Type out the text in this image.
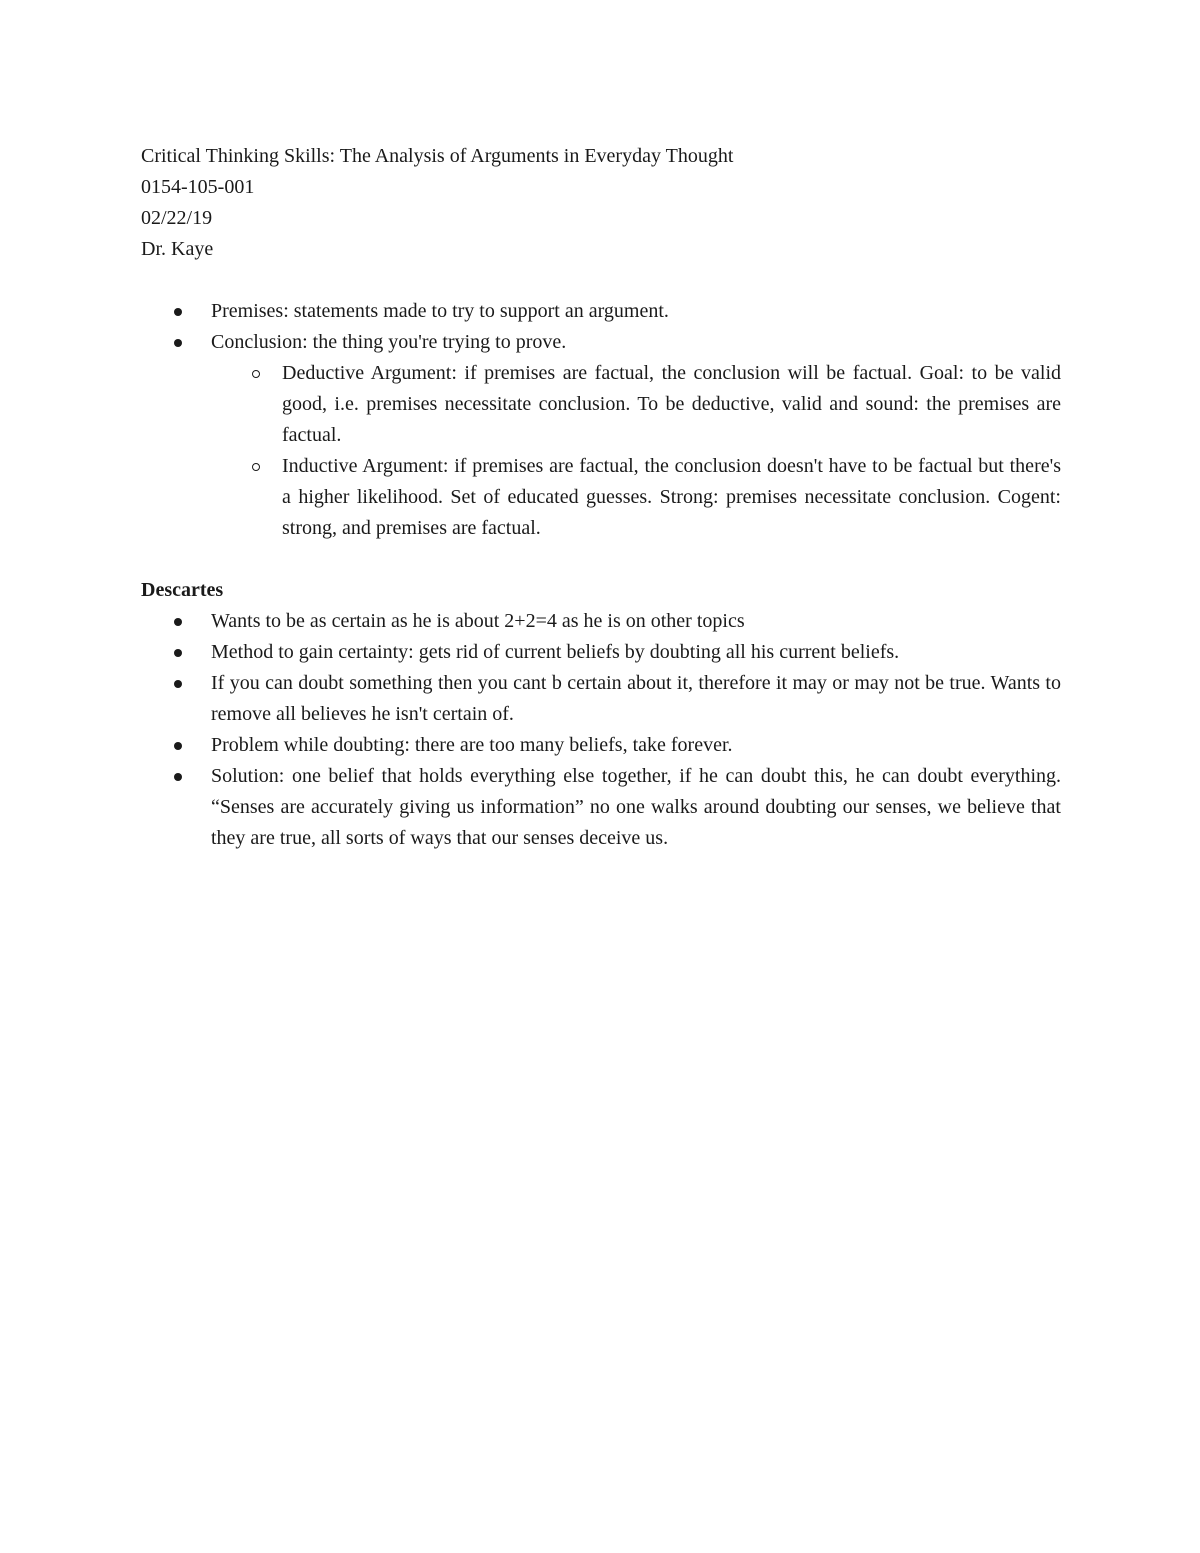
Critical Thinking Skills: The Analysis of Arguments in Everyday Thought
0154-105-001
02/22/19
Dr. Kaye
Premises: statements made to try to support an argument.
Conclusion: the thing you're trying to prove.
Deductive Argument: if premises are factual, the conclusion will be factual. Goal: to be valid good, i.e. premises necessitate conclusion. To be deductive, valid and sound: the premises are factual.
Inductive Argument: if premises are factual, the conclusion doesn't have to be factual but there's a higher likelihood. Set of educated guesses. Strong: premises necessitate conclusion. Cogent: strong, and premises are factual.
Descartes
Wants to be as certain as he is about 2+2=4 as he is on other topics
Method to gain certainty: gets rid of current beliefs by doubting all his current beliefs.
If you can doubt something then you cant b certain about it, therefore it may or may not be true. Wants to remove all believes he isn't certain of.
Problem while doubting: there are too many beliefs, take forever.
Solution: one belief that holds everything else together, if he can doubt this, he can doubt everything. “Senses are accurately giving us information” no one walks around doubting our senses, we believe that they are true, all sorts of ways that our senses deceive us.
